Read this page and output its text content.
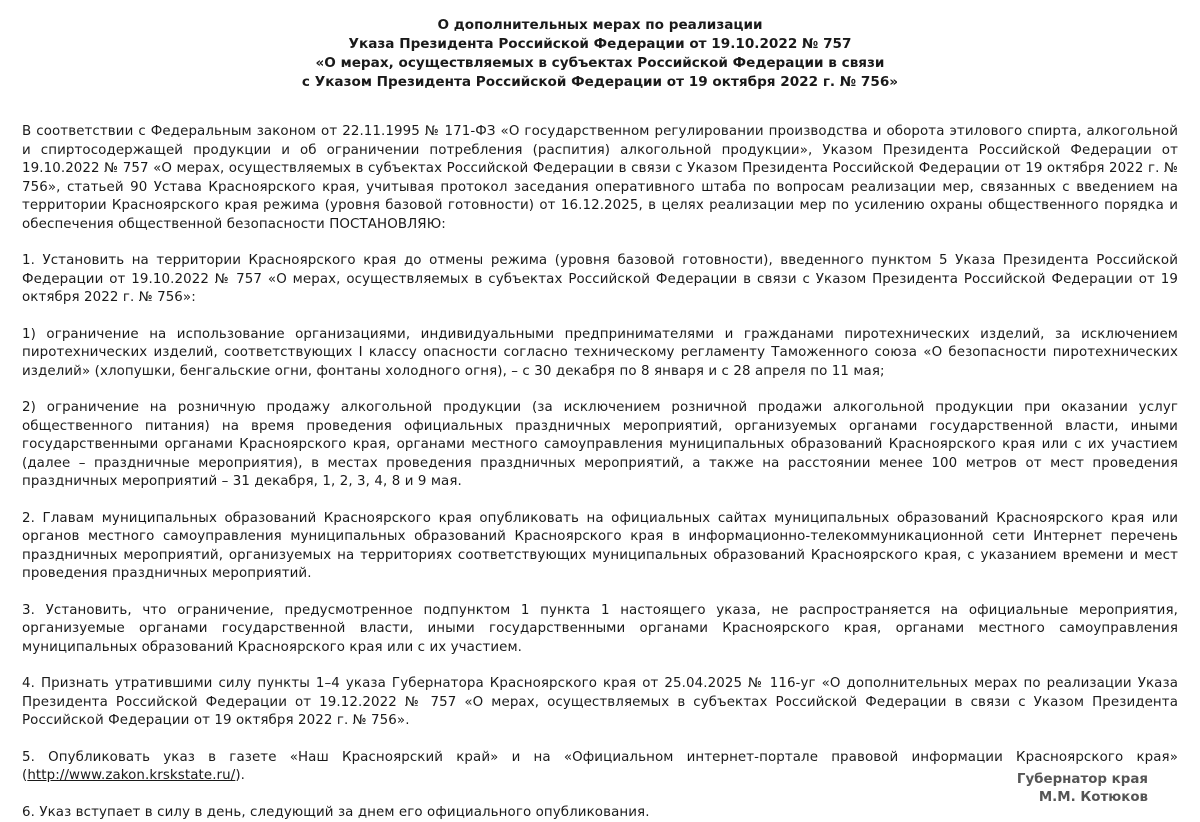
О дополнительных мерах по реализации
Указа Президента Российской Федерации от 19.10.2022 № 757
«О мерах, осуществляемых в субъектах Российской Федерации в связи
с Указом Президента Российской Федерации от 19 октября 2022 г. № 756»

В соответствии с Федеральным законом от 22.11.1995 № 171-ФЗ «О государственном регулировании производства и оборота этилового спирта, алкогольной и спиртосодержащей продукции и об ограничении потребления (распития) алкогольной продукции», Указом Президента Российской Федерации от 19.10.2022 № 757 «О мерах, осуществляемых в субъектах Российской Федерации в связи с Указом Президента Российской Федерации от 19 октября 2022 г. № 756», статьей 90 Устава Красноярского края, учитывая протокол заседания оперативного штаба по вопросам реализации мер, связанных с введением на территории Красноярского края режима (уровня базовой готовности) от 16.12.2025, в целях реализации мер по усилению охраны общественного порядка и обеспечения общественной безопасности ПОСТАНОВЛЯЮ:

1. Установить на территории Красноярского края до отмены режима (уровня базовой готовности), введенного пунктом 5 Указа Президента Российской Федерации от 19.10.2022 № 757 «О мерах, осуществляемых в субъектах Российской Федерации в связи с Указом Президента Российской Федерации от 19 октября 2022 г. № 756»:

1) ограничение на использование организациями, индивидуальными предпринимателями и гражданами пиротехнических изделий, за исключением пиротехнических изделий, соответствующих I классу опасности согласно техническому регламенту Таможенного союза «О безопасности пиротехнических изделий» (хлопушки, бенгальские огни, фонтаны холодного огня), – с 30 декабря по 8 января и с 28 апреля по 11 мая;

2) ограничение на розничную продажу алкогольной продукции (за исключением розничной продажи алкогольной продукции при оказании услуг общественного питания) на время проведения официальных праздничных мероприятий, организуемых органами государственной власти, иными государственными органами Красноярского края, органами местного самоуправления муниципальных образований Красноярского края или с их участием (далее – праздничные мероприятия), в местах проведения праздничных мероприятий, а также на расстоянии менее 100 метров от мест проведения праздничных мероприятий – 31 декабря, 1, 2, 3, 4, 8 и 9 мая.

2. Главам муниципальных образований Красноярского края опубликовать на официальных сайтах муниципальных образований Красноярского края или органов местного самоуправления муниципальных образований Красноярского края в информационно-телекоммуникационной сети Интернет перечень праздничных мероприятий, организуемых на территориях соответствующих муниципальных образований Красноярского края, с указанием времени и мест проведения праздничных мероприятий.

3. Установить, что ограничение, предусмотренное подпунктом 1 пункта 1 настоящего указа, не распространяется на официальные мероприятия, организуемые органами государственной власти, иными государственными органами Красноярского края, органами местного самоуправления муниципальных образований Красноярского края или с их участием.

4. Признать утратившими силу пункты 1–4 указа Губернатора Красноярского края от 25.04.2025 № 116-уг «О дополнительных мерах по реализации Указа Президента Российской Федерации от 19.12.2022 № 757 «О мерах, осуществляемых в субъектах Российской Федерации в связи с Указом Президента Российской Федерации от 19 октября 2022 г. № 756».

5. Опубликовать указ в газете «Наш Красноярский край» и на «Официальном интернет-портале правовой информации Красноярского края» (http://www.zakon.krskstate.ru/).

6. Указ вступает в силу в день, следующий за днем его официального опубликования.

Губернатор края
М.М. Котюков
